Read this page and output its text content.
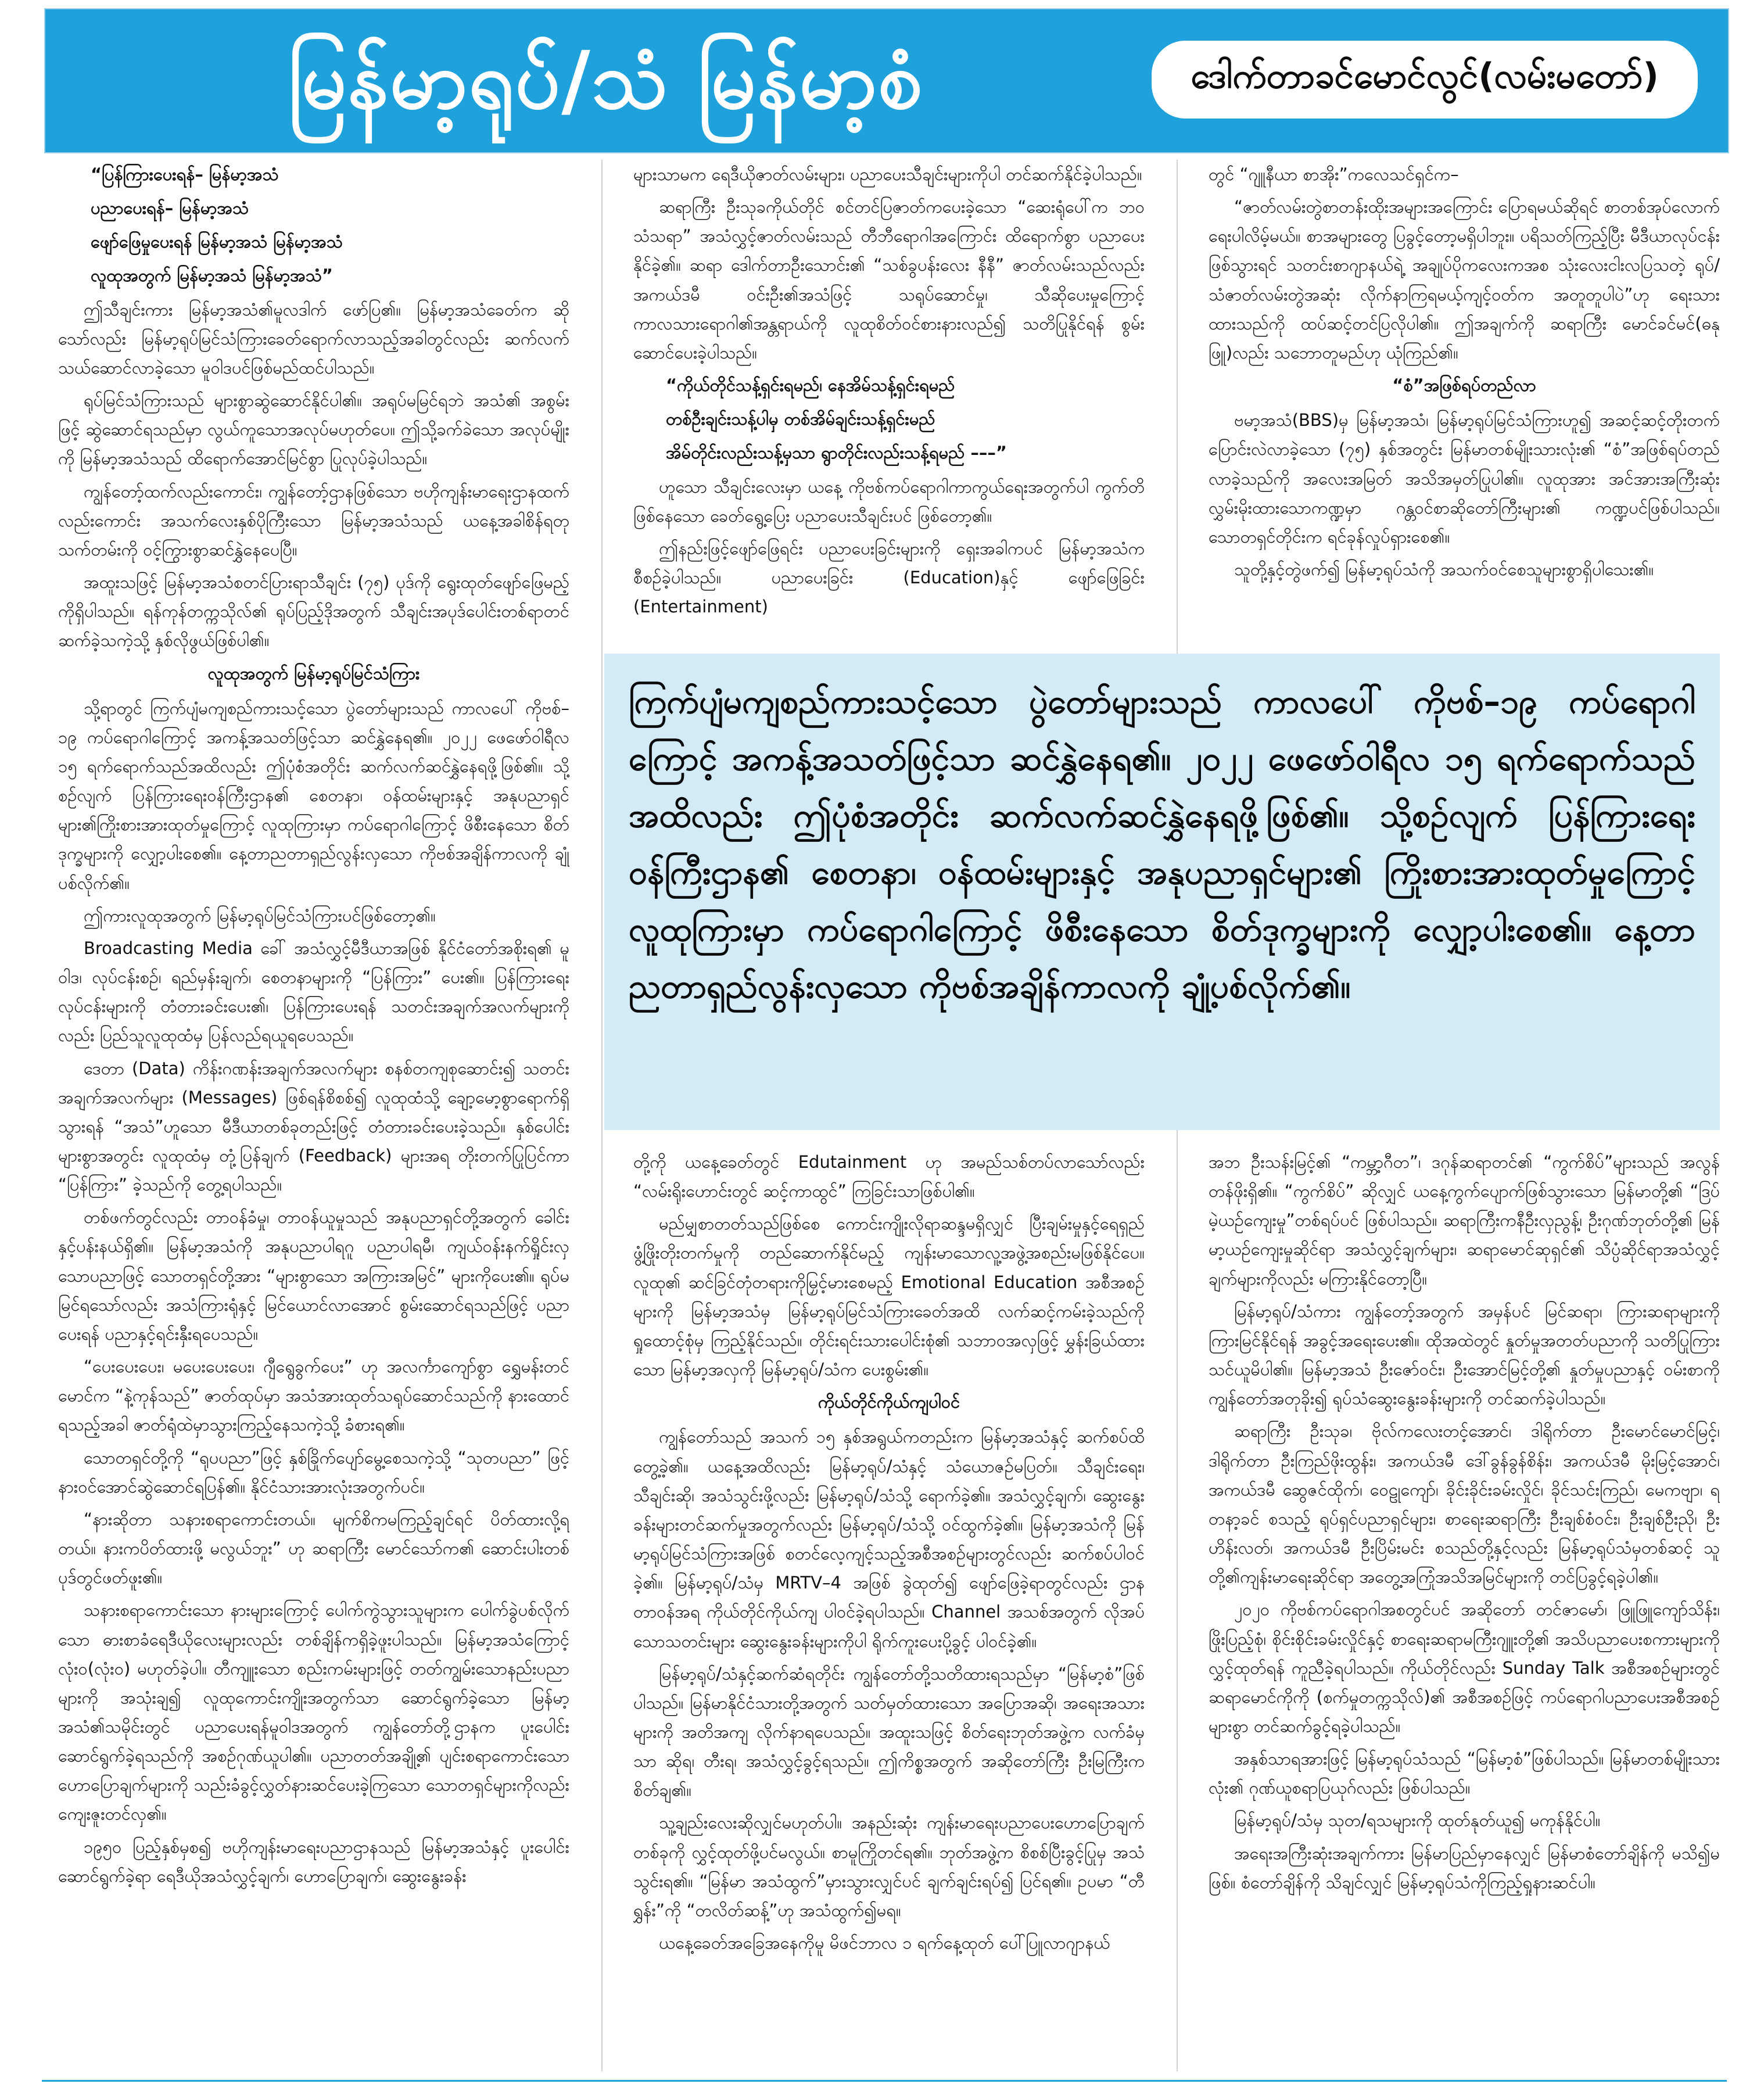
မြန်မာ့ရုပ်/သံ မြန်မာ့စံ	ဒေါက်တာခင်မောင်လွင်(လမ်းမတော်)

“ပြန်ကြားပေးရန်– မြန်မာ့အသံ

ပညာပေးရန်– မြန်မာ့အသံ

ဖျော်ဖြေမှုပေးရန် မြန်မာ့အသံ မြန်မာ့အသံ

လူထုအတွက် မြန်မာ့အသံ မြန်မာ့အသံ”

ဤသီချင်းကား မြန်မာ့အသံ၏မူလဒါက် ဖော်ပြ၏။ မြန်မာ့အသံခေတ်က ဆိုသော်လည်း မြန်မာ့ရုပ်မြင်သံကြားခေတ်ရောက်လာသည့်အခါတွင်လည်း ဆက်လက်သယ်ဆောင်လာခဲ့သော မူဝါဒပင်ဖြစ်မည်ထင်ပါသည်။

ရုပ်မြင်သံကြားသည် များစွာဆွဲဆောင်နိုင်ပါ၏။ အရုပ်မမြင်ရဘဲ အသံ၏ အစွမ်းဖြင့် ဆွဲဆောင်ရသည်မှာ လွယ်ကူသောအလုပ်မဟုတ်ပေ။ ဤသို့ခက်ခဲသော အလုပ်မျိုးကို မြန်မာ့အသံသည် ထိရောက်အောင်မြင်စွာ ပြုလုပ်ခဲ့ပါသည်။

ကျွန်တော့်ထက်လည်းကောင်း၊ ကျွန်တော့်ဌာနဖြစ်သော ဗဟိုကျန်းမာရေးဌာနထက်လည်းကောင်း အသက်လေးနှစ်ပိုကြီးသော မြန်မာ့အသံသည် ယနေ့အခါစိန်ရတုသက်တမ်းကို ဝင့်ကြွားစွာဆင်နွှဲနေပေပြီ။

အထူးသဖြင့် မြန်မာ့အသံစတင်ပြားရာသီချင်း (၇၅) ပုဒ်ကို ရွေးထုတ်ဖျော်ဖြေမည့်ကိုရှိပါသည်။ ရန်ကုန်တက္ကသိုလ်၏ ရုပ်ပြည့်ဒိုအတွက် သီချင်းအပုဒ်ပေါင်းတစ်ရာတင်ဆက်ခဲ့သကဲ့သို့ နှစ်လိုဖွယ်ဖြစ်ပါ၏။

လူထုအတွက် မြန်မာ့ရုပ်မြင်သံကြား

သို့ရာတွင် ကြက်ပျံမကျစည်ကားသင့်သော ပွဲတော်များသည် ကာလပေါ် ကိုဗစ်–၁၉ ကပ်ရောဂါကြောင့် အကန့်အသတ်ဖြင့်သာ ဆင်နွှဲနေရ၏။ ၂၀၂၂ ဖေဖော်ဝါရီလ ၁၅ ရက်ရောက်သည်အထိလည်း ဤပုံစံအတိုင်း ဆက်လက်ဆင်နွှဲနေရဖို့ဖြစ်၏။ သို့စဉ်လျက် ပြန်ကြားရေးဝန်ကြီးဌာန၏ စေတနာ၊ ဝန်ထမ်းများနှင့် အနုပညာရှင်များ၏ကြိုးစားအားထုတ်မှုကြောင့် လူထုကြားမှာ ကပ်ရောဂါကြောင့် ဖိစီးနေသော စိတ်ဒုက္ခများကို လျှော့ပါးစေ၏။ နေ့တာညတာရှည်လွန်းလှသော ကိုဗစ်အချိန်ကာလကို ချုံ့ပစ်လိုက်၏။

ဤကားလူထုအတွက် မြန်မာ့ရုပ်မြင်သံကြားပင်ဖြစ်တော့၏။

Broadcasting Media ခေါ် အသံလွှင့်မီဒီယာအဖြစ် နိုင်ငံတော်အစိုးရ၏ မူဝါဒ၊ လုပ်ငန်းစဉ်၊ ရည်မှန်းချက်၊ စေတနာများကို “ပြန်ကြား” ပေး၏။ ပြန်ကြားရေးလုပ်ငန်းများကို တံတားခင်းပေး၏၊ ပြန်ကြားပေးရန် သတင်းအချက်အလက်များကိုလည်း ပြည်သူလူထုထံမှ ပြန်လည်ရယူရပေသည်။

ဒေတာ (Data) ကိန်းဂဏန်းအချက်အလက်များ စနစ်တကျစုဆောင်း၍ သတင်းအချက်အလက်များ (Messages) ဖြစ်ရန်စိစစ်၍ လူထုထံသို့ ချော့မော့စွာရောက်ရှိသွားရန် “အသံ”ဟူသော မီဒီယာတစ်ခုတည်းဖြင့် တံတားခင်းပေးခဲ့သည်။ နှစ်ပေါင်းများစွာအတွင်း လူထုထံမှ တုံ့ပြန်ချက် (Feedback) များအရ တိုးတက်ပြုပြင်ကာ “ပြန်ကြား” ခဲ့သည်ကို တွေ့ရပါသည်။

တစ်ဖက်တွင်လည်း တာဝန်ခံမှု၊ တာဝန်ယူမှုသည် အနုပညာရှင်တို့အတွက် ခေါင်းနှင့်ပန်းနယ်ရှိ၏။ မြန်မာ့အသံကို အနုပညာပါရဂူ ပညာပါရမီ၊ ကျယ်ဝန်းနက်ရှိုင်းလှသောပညာဖြင့် သောတရှင်တို့အား “များစွာသော အကြားအမြင်” များကိုပေး၏။ ရုပ်မမြင်ရသော်လည်း အသံကြားရုံနှင့် မြင်ယောင်လာအောင် စွမ်းဆောင်ရသည်ဖြင့် ပညာပေးရန် ပညာနှင့်ရင်းနှီးရပေသည်။

“ပေးပေးပေး၊ မပေးပေးပေး၊ ဂျီရွေခွက်ပေး” ဟု အလင်္ကာကျော်စွာ ရွှေမန်းတင်မောင်က “နဲ့ကုန်သည်” ဇာတ်ထုပ်မှာ အသံအားထုတ်သရုပ်ဆောင်သည်ကို နားထောင်ရသည့်အခါ ဇာတ်ရုံထဲမှာသွားကြည့်နေသကဲ့သို့ ခံစားရ၏။

သောတရှင်တို့ကို “ရုပပညာ”ဖြင့် နှစ်ခြိုက်ပျော်မွေ့စေသကဲ့သို့ “သုတပညာ” ဖြင့် နားဝင်အောင်ဆွဲဆောင်ရပြန်၏။ နိုင်ငံသားအားလုံးအတွက်ပင်။

“နားဆိုတာ သနားစရာကောင်းတယ်။ မျက်စိကမကြည့်ချင်ရင် ပိတ်ထားလို့ရတယ်။ နားကပိတ်ထားဖို့ မလွယ်ဘူး” ဟု ဆရာကြီး မောင်သော်က၏ ဆောင်းပါးတစ်ပုဒ်တွင်ဖတ်ဖူး၏။

သနားစရာကောင်းသော နားများကြောင့် ပေါက်ကွဲသွားသူများက ပေါက်ခွဲပစ်လိုက်သော ဓားစာခံရေဒီယိုလေးများလည်း တစ်ချိန်ကရှိခဲ့ဖူးပါသည်။ မြန်မာ့အသံကြောင့် လုံး၀(လုံး၀) မဟုတ်ခဲ့ပါ။ တီကျူးသော စည်းကမ်းများဖြင့် တတ်ကျွမ်းသောနည်းပညာများကို အသုံးချ၍ လူထုကောင်းကျိုးအတွက်သာ ဆောင်ရွက်ခဲ့သော မြန်မာ့အသံ၏သမိုင်းတွင် ပညာပေးရန်မူဝါဒအတွက် ကျွန်တော်တို့ဌာနက ပူးပေါင်းဆောင်ရွက်ခဲ့ရသည်ကို အစဉ်ဂုဏ်ယူပါ၏။ ပညာတတ်အချို့၏ ပျင်းစရာကောင်းသော ဟောပြောချက်များကို သည်းခံခွင့်လွှတ်နားဆင်ပေးခဲ့ကြသော သောတရှင်များကိုလည်း ကျေးဇူးတင်လှ၏။

၁၉၅၀ ပြည့်နှစ်မှစ၍ ဗဟိုကျန်းမာရေးပညာဌာနသည် မြန်မာ့အသံနှင့် ပူးပေါင်းဆောင်ရွက်ခဲ့ရာ ရေဒီယိုအသံလွှင့်ချက်၊ ဟောပြောချက်၊ ဆွေးနွေးခန်း

များသာမက ရေဒီယိုဇာတ်လမ်းများ၊ ပညာပေးသီချင်းများကိုပါ တင်ဆက်နိုင်ခဲ့ပါသည်။

ဆရာကြီး ဦးသုခကိုယ်တိုင် စင်တင်ပြဇာတ်ကပေးခဲ့သော “ဆေးရုံပေါ်က ဘဝသံသရာ” အသံလွှင့်ဇာတ်လမ်းသည် တီဘီရောဂါအကြောင်း ထိရောက်စွာ ပညာပေးနိုင်ခဲ့၏။ ဆရာ ဒေါက်တာဦးသောင်း၏ “သစ်ခွပန်းလေး နီနီ” ဇာတ်လမ်းသည်လည်း အကယ်ဒမီ ဝင်းဦး၏အသံဖြင့် သရုပ်ဆောင်မှု၊ သီဆိုပေးမှုကြောင့် ကာလသားရောဂါ၏အန္တရာယ်ကို လူထုစိတ်ဝင်စားနားလည်၍ သတိပြုနိုင်ရန် စွမ်းဆောင်ပေးခဲ့ပါသည်။

“ကိုယ်တိုင်သန့်ရှင်းရမည်၊ နေအိမ်သန့်ရှင်းရမည်

တစ်ဦးချင်းသန့်ပါမှ တစ်အိမ်ချင်းသန့်ရှင်းမည်

အိမ်တိုင်းလည်းသန့်မှသာ ရွာတိုင်းလည်းသန့်ရမည် –––”

ဟူသော သီချင်းလေးမှာ ယနေ့ ကိုဗစ်ကပ်ရောဂါကာကွယ်ရေးအတွက်ပါ ကွက်တိဖြစ်နေသော ခေတ်ရွေ့ပြေး ပညာပေးသီချင်းပင် ဖြစ်တော့၏။

ဤနည်းဖြင့်ဖျော်ဖြေရင်း ပညာပေးခြင်းများကို ရှေးအခါကပင် မြန်မာ့အသံက စီစဉ်ခဲ့ပါသည်။ ပညာပေးခြင်း (Education)နှင့် ဖျော်ဖြေခြင်း (Entertainment)

တွင် “ဂျူနီယာ စာအိုး”ကလေသင်ရှင်က–

“ဇာတ်လမ်းတွဲစာတန်းထိုးအများအကြောင်း ပြောရမယ်ဆိုရင် စာတစ်အုပ်လောက်ရေးပါလိမ့်မယ်။ စာအများတွေ ပြခွင့်တော့မရှိပါဘူး။ ပရိသတ်ကြည့်ပြီး မီဒီယာလုပ်ငန်းဖြစ်သွားရင် သတင်းစာဂျာနယ်ရဲ့ အချုပ်ပိုကလေးကအစ သုံးလေးငါးလပြသတဲ့ ရုပ်/သံဇာတ်လမ်းတွဲအဆုံး လိုက်နာကြရမယ့်ကျင့်ဝတ်က အတူတူပါပဲ”ဟု ရေးသားထားသည်ကို ထပ်ဆင့်တင်ပြလိုပါ၏။ ဤအချက်ကို ဆရာကြီး မောင်ခင်မင်(ဓနုဖြူ)လည်း သဘောတူမည်ဟု ယုံကြည်၏။

“စံ”အဖြစ်ရပ်တည်လာ

ဗမာ့အသံ(BBS)မှ မြန်မာ့အသံ၊ မြန်မာ့ရုပ်မြင်သံကြားဟူ၍ အဆင့်ဆင့်တိုးတက်ပြောင်းလဲလာခဲ့သော (၇၅) နှစ်အတွင်း မြန်မာတစ်မျိုးသားလုံး၏ “စံ”အဖြစ်ရပ်တည်လာခဲ့သည်ကို အလေးအမြတ် အသိအမှတ်ပြုပါ၏။ လူထုအား အင်အားအကြီးဆုံးလွှမ်းမိုးထားသောကဏ္ဍမှာ ဂန္တဝင်စာဆိုတော်ကြီးများ၏ ကဏ္ဍပင်ဖြစ်ပါသည်။ သောတရှင်တိုင်းက ရင်ခုန်လှုပ်ရှားစေ၏။

သူတို့နှင့်တွဲဖက်၍ မြန်မာ့ရုပ်သံကို အသက်ဝင်စေသူများစွာရှိပါသေး၏။

ကြက်ပျံမကျစည်ကားသင့်သော ပွဲတော်များသည် ကာလပေါ် ကိုဗစ်–၁၉ ကပ်ရောဂါကြောင့် အကန့်အသတ်ဖြင့်သာ ဆင်နွှဲနေရ၏။ ၂၀၂၂ ဖေဖော်ဝါရီလ ၁၅ ရက်ရောက်သည်အထိလည်း ဤပုံစံအတိုင်း ဆက်လက်ဆင်နွှဲနေရဖို့ဖြစ်၏။ သို့စဉ်လျက် ပြန်ကြားရေးဝန်ကြီးဌာန၏ စေတနာ၊ ဝန်ထမ်းများနှင့် အနုပညာရှင်များ၏ ကြိုးစားအားထုတ်မှုကြောင့် လူထုကြားမှာ ကပ်ရောဂါကြောင့် ဖိစီးနေသော စိတ်ဒုက္ခများကို လျှော့ပါးစေ၏။ နေ့တာညတာရှည်လွန်းလှသော ကိုဗစ်အချိန်ကာလကို ချုံ့ပစ်လိုက်၏။

တို့ကို ယနေ့ခေတ်တွင် Edutainment ဟု အမည်သစ်တပ်လာသော်လည်း “လမ်းရိုးဟောင်းတွင် ဆင့်ကာထွင်” ကြခြင်းသာဖြစ်ပါ၏။

မည်မျှစာတတ်သည်ဖြစ်စေ ကောင်းကျိုးလိုရာဆန္ဒမရှိလျှင် ပြီးချမ်းမှုနှင့်ရေရှည်ဖွံ့ဖြိုးတိုးတက်မှုကို တည်ဆောက်နိုင်မည့် ကျန်းမာသောလူ့အဖွဲ့အစည်းမဖြစ်နိုင်ပေ။ လူထု၏ ဆင်ခြင်တုံတရားကိုမြှင့်မားစေမည့် Emotional Education အစီအစဉ်များကို မြန်မာ့အသံမှ မြန်မာ့ရုပ်မြင်သံကြားခေတ်အထိ လက်ဆင့်ကမ်းခဲ့သည်ကို ရှုထောင့်စုံမှ ကြည့်နိုင်သည်။ တိုင်းရင်းသားပေါင်းစုံ၏ သဘာဝအလှဖြင့် မွှန်းခြယ်ထားသော မြန်မာ့အလှကို မြန်မာ့ရုပ်/သံက ပေးစွမ်း၏။

ကိုယ်တိုင်ကိုယ်ကျပါဝင်

ကျွန်တော်သည် အသက် ၁၅ နှစ်အရွယ်ကတည်းက မြန်မာ့အသံနှင့် ဆက်စပ်ထိတွေ့ခဲ့၏။ ယနေ့အထိလည်း မြန်မာ့ရုပ်/သံနှင့် သံယောဇဉ်မပြတ်။ သီချင်းရေး၊ သီချင်းဆို၊ အသံသွင်းဖို့လည်း မြန်မာ့ရုပ်/သံသို့ ရောက်ခဲ့၏။ အသံလွှင့်ချက်၊ ဆွေးနွေးခန်းများတင်ဆက်မှုအတွက်လည်း မြန်မာ့ရုပ်/သံသို့ ဝင်ထွက်ခဲ့၏။ မြန်မာ့အသံကို မြန်မာ့ရုပ်မြင်သံကြားအဖြစ် စတင်လေ့ကျင့်သည့်အစီအစဉ်များတွင်လည်း ဆက်စပ်ပါဝင်ခဲ့၏။ မြန်မာ့ရုပ်/သံမှ MRTV–4 အဖြစ် ခွဲထုတ်၍ ဖျော်ဖြေခဲ့ရာတွင်လည်း ဌာနတာဝန်အရ ကိုယ်တိုင်ကိုယ်ကျ ပါဝင်ခဲ့ရပါသည်။ Channel အသစ်အတွက် လိုအပ်သောသတင်းများ ဆွေးနွေးခန်းများကိုပါ ရိုက်ကူးပေးပို့ခွင့် ပါဝင်ခဲ့၏။

မြန်မာ့ရုပ်/သံနှင့်ဆက်ဆံရတိုင်း ကျွန်တော်တို့သတိထားရသည်မှာ “မြန်မာ့စံ”ဖြစ်ပါသည်။ မြန်မာနိုင်ငံသားတို့အတွက် သတ်မှတ်ထားသော အပြောအဆို၊ အရေးအသားများကို အတိအကျ လိုက်နာရပေသည်။ အထူးသဖြင့် စိတ်ရေးဘုတ်အဖွဲ့က လက်ခံမှသာ ဆိုရ၊ တီးရ၊ အသံလွှင့်ခွင့်ရသည်။ ဤကိစ္စအတွက် အဆိုတော်ကြီး ဦးမြကြီးက စိတ်ချ၏။

သူ့ချည်းလေးဆိုလျှင်မဟုတ်ပါ။ အနည်းဆုံး ကျန်းမာရေးပညာပေးဟောပြောချက်တစ်ခုကို လွှင့်ထုတ်ဖို့ပင်မလွယ်။ စာမူကြိုတင်ရ၏။ ဘုတ်အဖွဲ့က စိစစ်ပြီးခွင့်ပြုမှ အသံသွင်းရ၏။ “မြန်မာ အသံထွက်”မှားသွားလျှင်ပင် ချက်ချင်းရပ်၍ ပြင်ရ၏။ ဥပမာ “တီရွှန်း”ကို “တလိတ်ဆန့်”ဟု အသံထွက်၍မရ။

ယနေ့ခေတ်အခြေအနေကိုမူ မိဖင်ဘာလ ၁ ရက်နေ့ထုတ် ပေါ်ပြူလာဂျာနယ်

အဘ ဦးသန်းမြင့်၏ “ကမ္ဘာ့ဂီတ”၊ ဒဂုန်ဆရာတင်၏ “ကွက်စိပ်”များသည် အလွန်တန်ဖိုးရှိ၏။ “ကွက်စိပ်” ဆိုလျှင် ယနေ့ကွက်ပျောက်ဖြစ်သွားသော မြန်မာတို့၏ “ဒြပ်မဲ့ယဉ်ကျေးမှု”တစ်ရပ်ပင် ဖြစ်ပါသည်။ ဆရာကြီးကနီဦးလှညွန့်၊ ဦးဂုဏ်ဘုတ်တို့၏ မြန်မာ့ယဉ်ကျေးမှုဆိုင်ရာ အသံလွှင့်ချက်များ၊ ဆရာမောင်ဆုရှင်၏ သိပ္ပံဆိုင်ရာအသံလွှင့်ချက်များကိုလည်း မကြားနိုင်တော့ပြီ။

မြန်မာ့ရုပ်/သံကား ကျွန်တော့်အတွက် အမှန်ပင် မြင်ဆရာ၊ ကြားဆရာများကို ကြားမြင်နိုင်ရန် အခွင့်အရေးပေး၏။ ထိုအထဲတွင် နှုတ်မှုအတတ်ပညာကို သတိပြုကြားသင်ယူမိပါ၏။ မြန်မာ့အသံ ဦးဇော်ဝင်း၊ ဦးအောင်မြင့်တို့၏ နှုတ်မှုပညာနှင့် ဝမ်းစာကို ကျွန်တော်အတုခိုး၍ ရုပ်သံဆွေးနွေးခန်းများကို တင်ဆက်ခဲ့ပါသည်။

ဆရာကြီး ဦးသုခ၊ ဗိုလ်ကလေးတင့်အောင်၊ ဒါရိုက်တာ ဦးမောင်မောင်မြင့်၊ ဒါရိုက်တာ ဦးကြည်ဖိုးထွန်း၊ အကယ်ဒမီ ဒေါ်ခွန်ခွန်စိန်း၊ အကယ်ဒမီ မိုးမြင့်အောင်၊ အကယ်ဒမီ ဆွေဇင်ထိုက်၊ ဝေဠုကျော်၊ ခိုင်းခိုင်းခမ်းလှိုင်၊ ခိုင်သင်းကြည်၊ မေကဗျာ၊ ရတနာ့ခင် စသည့် ရုပ်ရှင်ပညာရှင်များ၊ စာရေးဆရာကြီး ဦးချစ်စံဝင်း၊ ဦးချစ်ဦးညို၊ ဦးဟိန်းလတ်၊ အကယ်ဒမီ ဦးပြိမ်းမင်း စသည်တို့နှင့်လည်း မြန်မာ့ရုပ်သံမှတစ်ဆင့် သူတို့၏ကျန်းမာရေးဆိုင်ရာ အတွေ့အကြုံအသိအမြင်များကို တင်ပြခွင့်ရခဲ့ပါ၏။

၂၀၂၀ ကိုဗစ်ကပ်ရောဂါအစတွင်ပင် အဆိုတော် တင်ဇာမော်၊ ဖြူဖြူကျော်သိန်း၊ ဖြိုးပြည့်စုံ၊ စိုင်းစိုင်းခမ်းလှိုင်နှင့် စာရေးဆရာမကြီးဂျူးတို့၏ အသိပညာပေးစကားများကို လွှင့်ထုတ်ရန် ကူညီခဲ့ရပါသည်။ ကိုယ်တိုင်လည်း Sunday Talk အစီအစဉ်များတွင် ဆရာမောင်ကိုကို (စက်မှုတက္ကသိုလ်)၏ အစီအစဉ်ဖြင့် ကပ်ရောဂါပညာပေးအစီအစဉ်များစွာ တင်ဆက်ခွင့်ရခဲ့ပါသည်။

အနှစ်သာရအားဖြင့် မြန်မာ့ရုပ်သံသည် “မြန်မာ့စံ”ဖြစ်ပါသည်။ မြန်မာတစ်မျိုးသားလုံး၏ ဂုဏ်ယူစရာပြယုဂ်လည်း ဖြစ်ပါသည်။

မြန်မာ့ရုပ်/သံမှ သုတ/ရသများကို ထုတ်နုတ်ယူ၍ မကုန်နိုင်ပါ။

အရေးအကြီးဆုံးအချက်ကား မြန်မာပြည်မှာနေလျှင် မြန်မာစံတော်ချိန်ကို မသိ၍မဖြစ်။ စံတော်ချိန်ကို သိချင်လျှင် မြန်မာ့ရုပ်သံကိုကြည့်ရှုနားဆင်ပါ။
